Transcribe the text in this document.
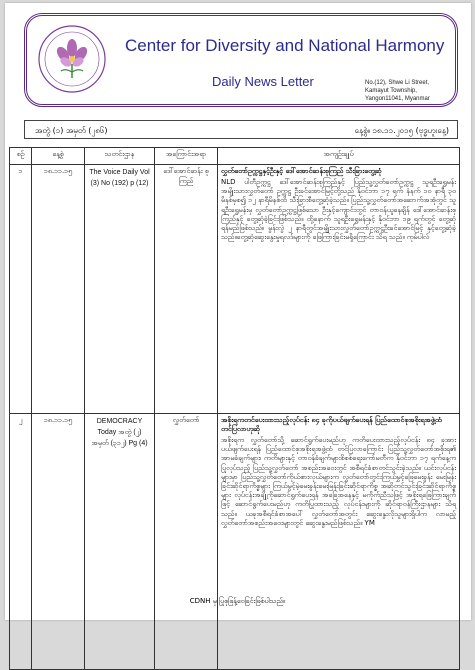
Center for Diversity and National Harmony
Daily News Letter	No.(12), Shwe Li Street,
Kamayut Township,
Yangon11041, Myanmar
အတွဲ (၁) အမှတ် (၂၈၆)	နေ့စွဲ။ ၁၈.၁၁.၂၀၁၅ (ဗုဒ္ဓဟူးနေ့)
စဉ်	နေ့စွဲ	သတင်းဌာန	အကြောင်းအရာ	အကျဉ်းချုပ်
၁	၁၈.၁၁.၁၅	The Voice Daily Vol (3) No (192) p (12)	ဒေါ်အောင်ဆန်း စုကြည်	လွှတ်တော်ဥက္ကဋ္ဌနှင့်ဦးနှင့် ဒေါ်အောင်ဆန်းစုကြည် သီးခြားတွေ့ဆုံ
NLD ပါတီဥက္ကဋ္ဌ ဒေါ်အောင်ဆန်းစုကြည်နှင့် ပြည်သူ့လွှတ်တော်ဥက္ကဋ္ဌ သူရဦးရွှေမန်း အမျိုးသားလွှတ်တော် ဥက္ကဋ္ဌ ဦးခင်အောင်မြင့်တို့သည် နိုဝင်ဘာ ၁၇ ရက် နံနက် ၁၀ နာရီ ၃၀ မိနစ်မှစ၍ ၁၂ နာရီမိနစ်ထိ သီးခြားစီတွေ့ဆုံခဲ့သည်။ ပြည်သူ့လွှတ်တော်အဆောက်အအုံတွင် သူရဦးရွှေမန်းမှ လွှတ်တော်ဥက္ကဋ္ဌဖြစ်သော ဦးနှင့်ကျောင်းတွင် တာဝန်ယူနေချိန် ဒေါ်အောင်ဆန်းစုကြည်နှင့် တွေ့ဆုံခဲ့ခြင်းဖြစ်သည်။ ထို့နောက် သူရဦးရွှေမန်းနှင့် နိုဝင်ဘာ ၁၉ ရက်တွင် တွေ့ဆုံရန်မည်ဖြစ်သည်။ မွန်းလွဲ ၂ နာရီတွင်အမျိုးသားလွှတ်တော်ဥက္ကဋ္ဌဦးခင်အောင်မြင့် နှင့်တွေ့ဆုံခဲ့သည်။တွေ့ဆုံဆွေးနွေးမှုရလဒ်များကို ဖြေကြားခြင်းမရှိကြောင်း သိရ သည်။ ကုမ်ပါလ်

၂	၁၈.၁၁.၁၅	DEMOCRACY Today အတွဲ (၂) အမှတ် (၃၁၂) Pg (4)	လွှတ်တော်	အစိုးရကတင်ပေးထားသည့်လုပ်ငန်း ၈၄ ခုကိုပယ်ဖျက်ပေးရန် ပြည်ထောင်စုအစိုးရအဖွဲ့ထံ တင်ပြလာဟုဆို
အစိုးရက လွှတ်တော်သို့ ဆောင်ရွက်ပေးမည်ဟု ကတိပေးထားသည့်လုပ်ငန်း ၈၄ ခုအား ပယ်ဖျက်ပေးရန် ပြည်ထောင်စုအစိုးရအဖွဲ့ထံ တင်ပြလာကြောင်း ပြည်သူ့လွှတ်တော်အစိုးရ၏ အာမခံချက်များ၊ ကတိများနှင့် တာဝန်ခံချက်များစိစစ်ရေးကော်မတီက နိုဝင်ဘာ ၁၇ ရက်နေ့က ပြုလုပ်သည့် ပြည်သူ့လွှတ်တော် အစည်းအဝေးတွင် အစီရင်ခံစာတင်သွင်းခဲ့သည်။ ယင်းလုပ်ငန်းများမှာ ပြည်သူ့လွှတ်တော်ကိုယ်စားလှယ်များက လွှတ်တော်တွင်းကြယ်မွှင့်ဖြေမေးခွန်း မေးမြန်းခြင်းဆိုင်ရာကိစ္စများ ကြယ်မွင့်မဲ့မေးခွန်းမေးမြန်းခြင်းဆိုင်ရာကိစ္စ အဆိုတင်သွင်းခြင်းဆိုင်ရာကိစ္စများ လုပ်ငန်းအချို့ကိုဆောင်ရွက်ပေးရန် အခြေအနေနှင့် မကိုက်ညီသဖြင့် အစိုးရဖြေကြားချက်ဖြင့် ဆောင်ရွက်ပေးမည်ဟု ကတိပြုထားသည့် လုပ်ငန်းများကို ဆိုင်ရာဝန်ကြီးဌာနများ သိရသည်။ ယခုအစီရင်ခံစာအပေါ် လွှတ်တော်အတွင်း ဆွေးနွေးလိုသူများရှိပါက လာမည့်လွှတ်တော်အစည်းအဝေးများတွင် ဆွေးနွေးမည်ဖြစ်သည်။ YM
CDNH မှ ပြုစုဖြန့်ဝေခြင်းဖြစ်ပါသည်။
